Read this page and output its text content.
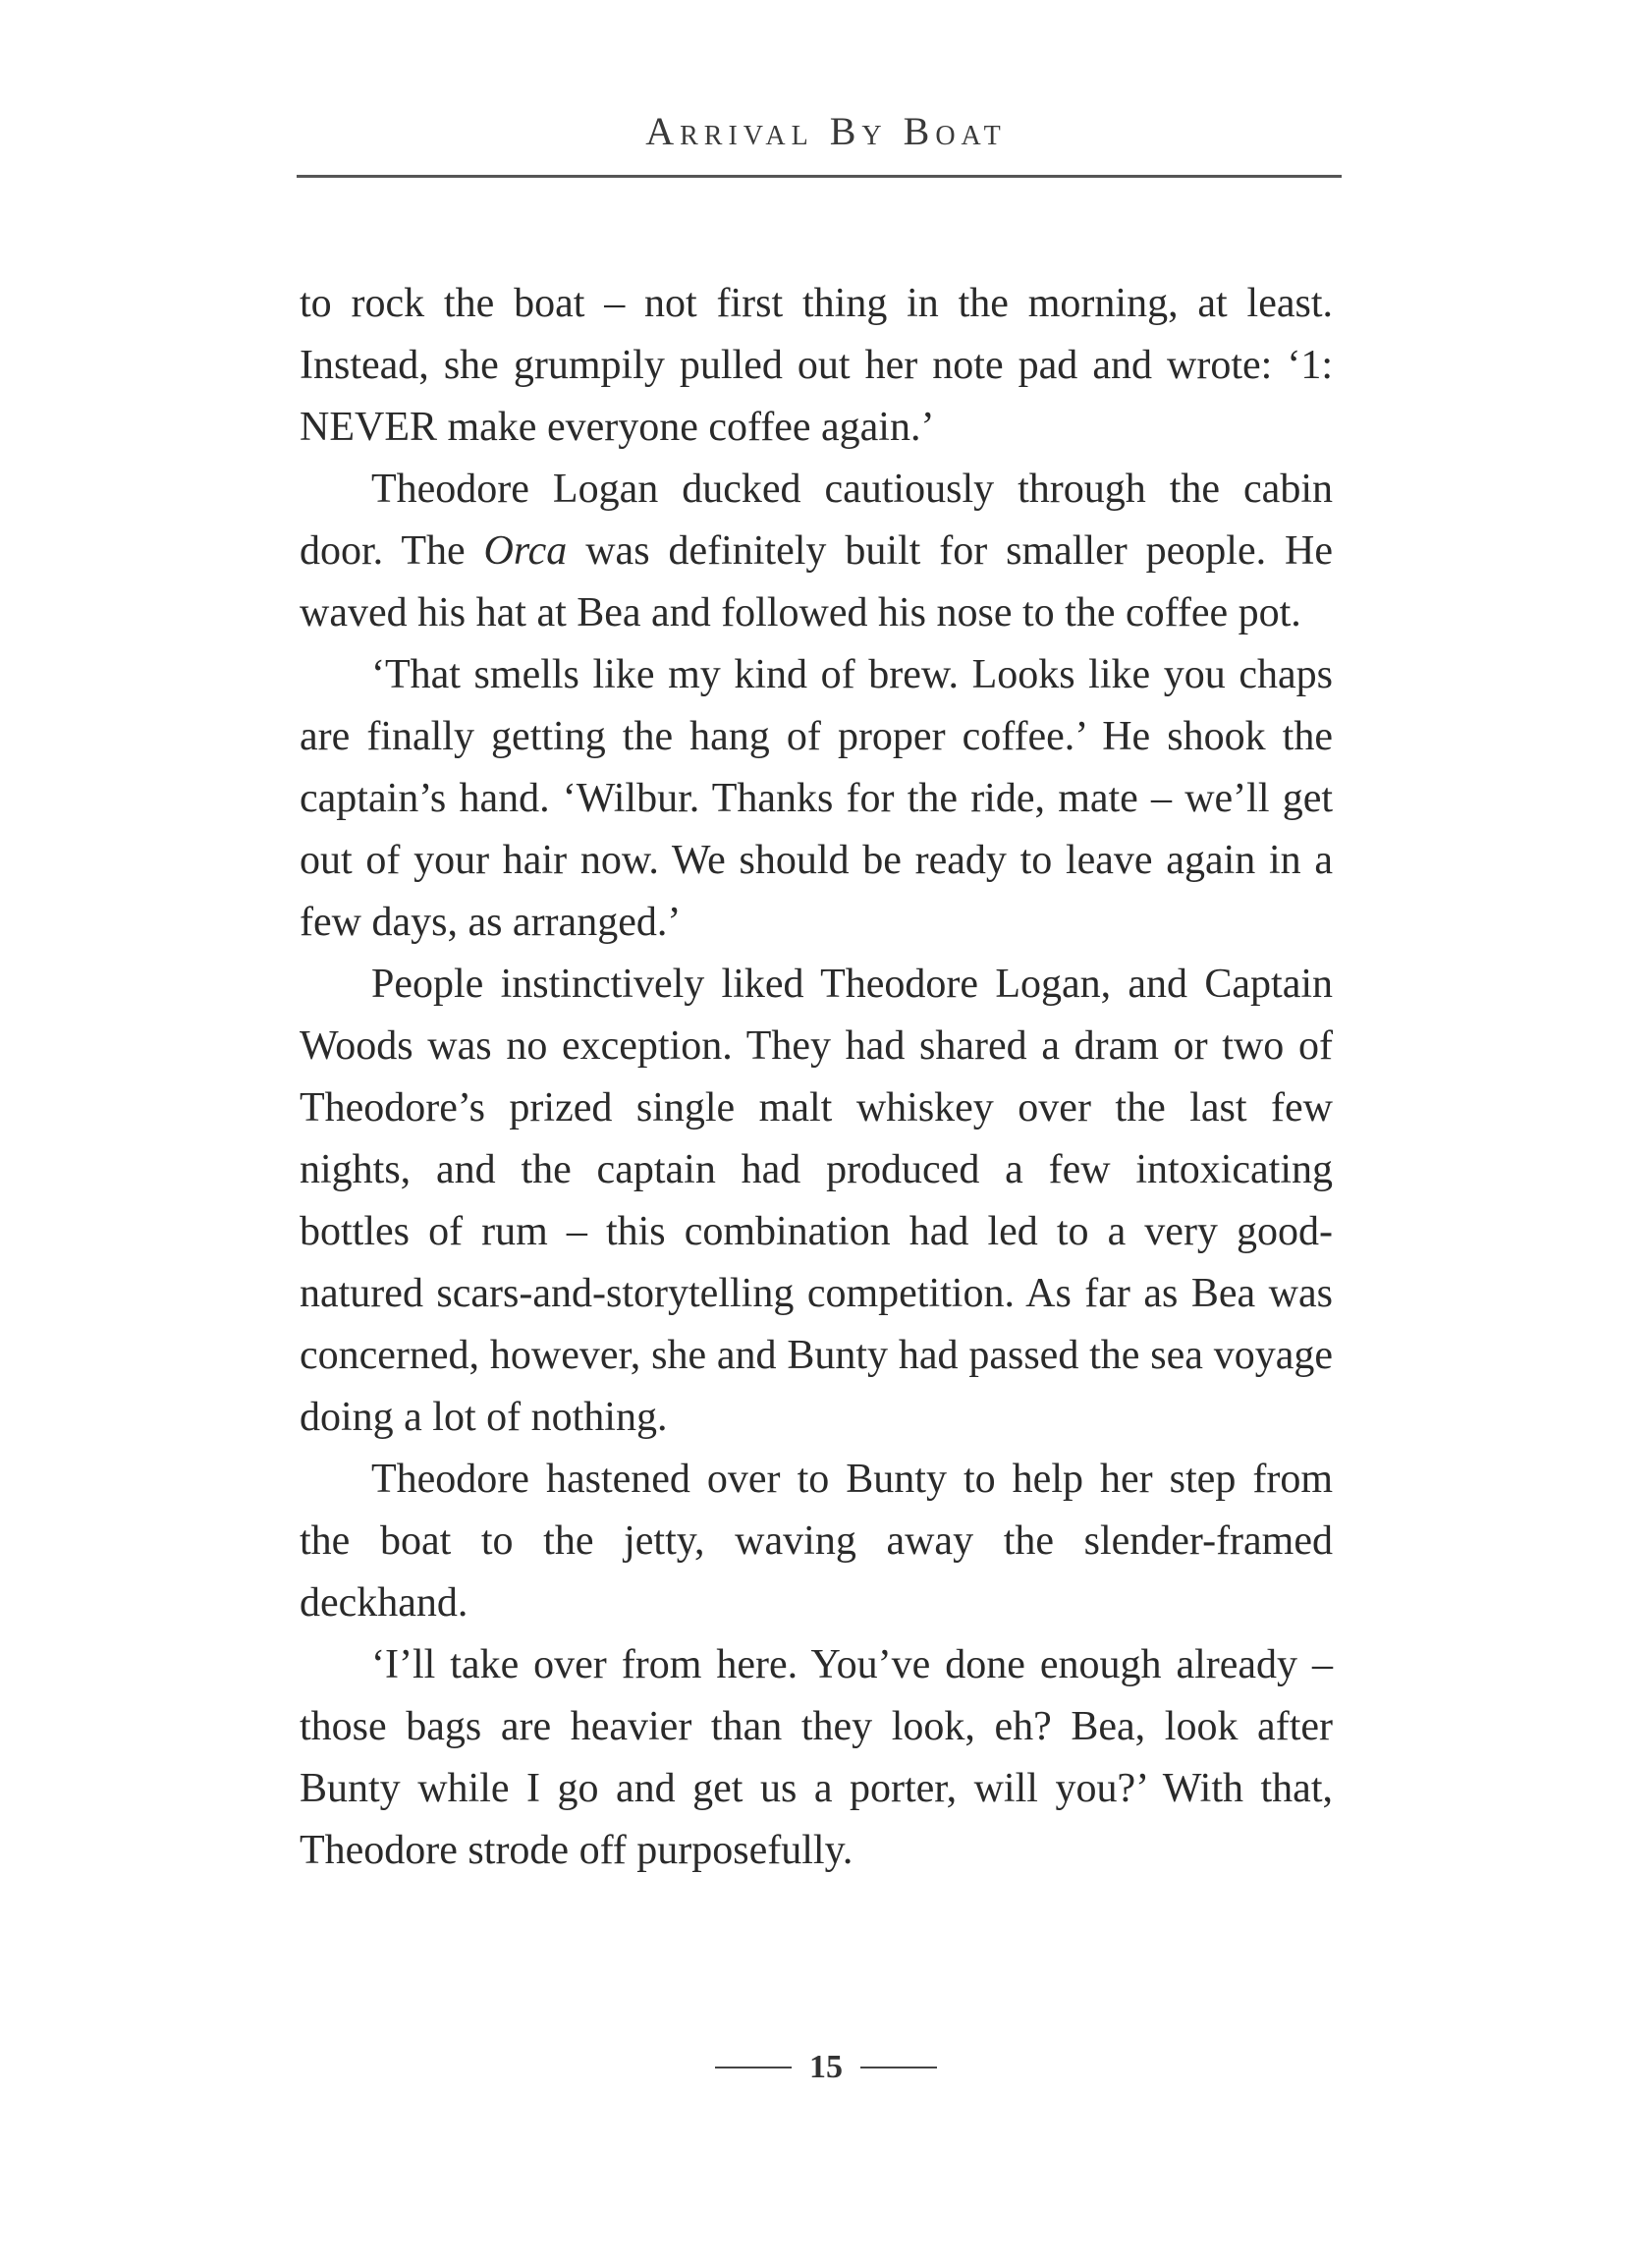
Arrival By Boat

to rock the boat – not first thing in the morning, at least. Instead, she grumpily pulled out her note pad and wrote: ‘1: NEVER make everyone coffee again.’

Theodore Logan ducked cautiously through the cabin door. The Orca was definitely built for smaller people. He waved his hat at Bea and followed his nose to the coffee pot.

‘That smells like my kind of brew. Looks like you chaps are finally getting the hang of proper coffee.’ He shook the captain’s hand. ‘Wilbur. Thanks for the ride, mate – we’ll get out of your hair now. We should be ready to leave again in a few days, as arranged.’

People instinctively liked Theodore Logan, and Captain Woods was no exception. They had shared a dram or two of Theodore’s prized single malt whiskey over the last few nights, and the captain had produced a few intoxicating bottles of rum – this combination had led to a very good-natured scars-and-storytelling competition. As far as Bea was concerned, however, she and Bunty had passed the sea voyage doing a lot of nothing.

Theodore hastened over to Bunty to help her step from the boat to the jetty, waving away the slender-framed deckhand.

‘I’ll take over from here. You’ve done enough already – those bags are heavier than they look, eh? Bea, look after Bunty while I go and get us a porter, will you?’ With that, Theodore strode off purposefully.

15
